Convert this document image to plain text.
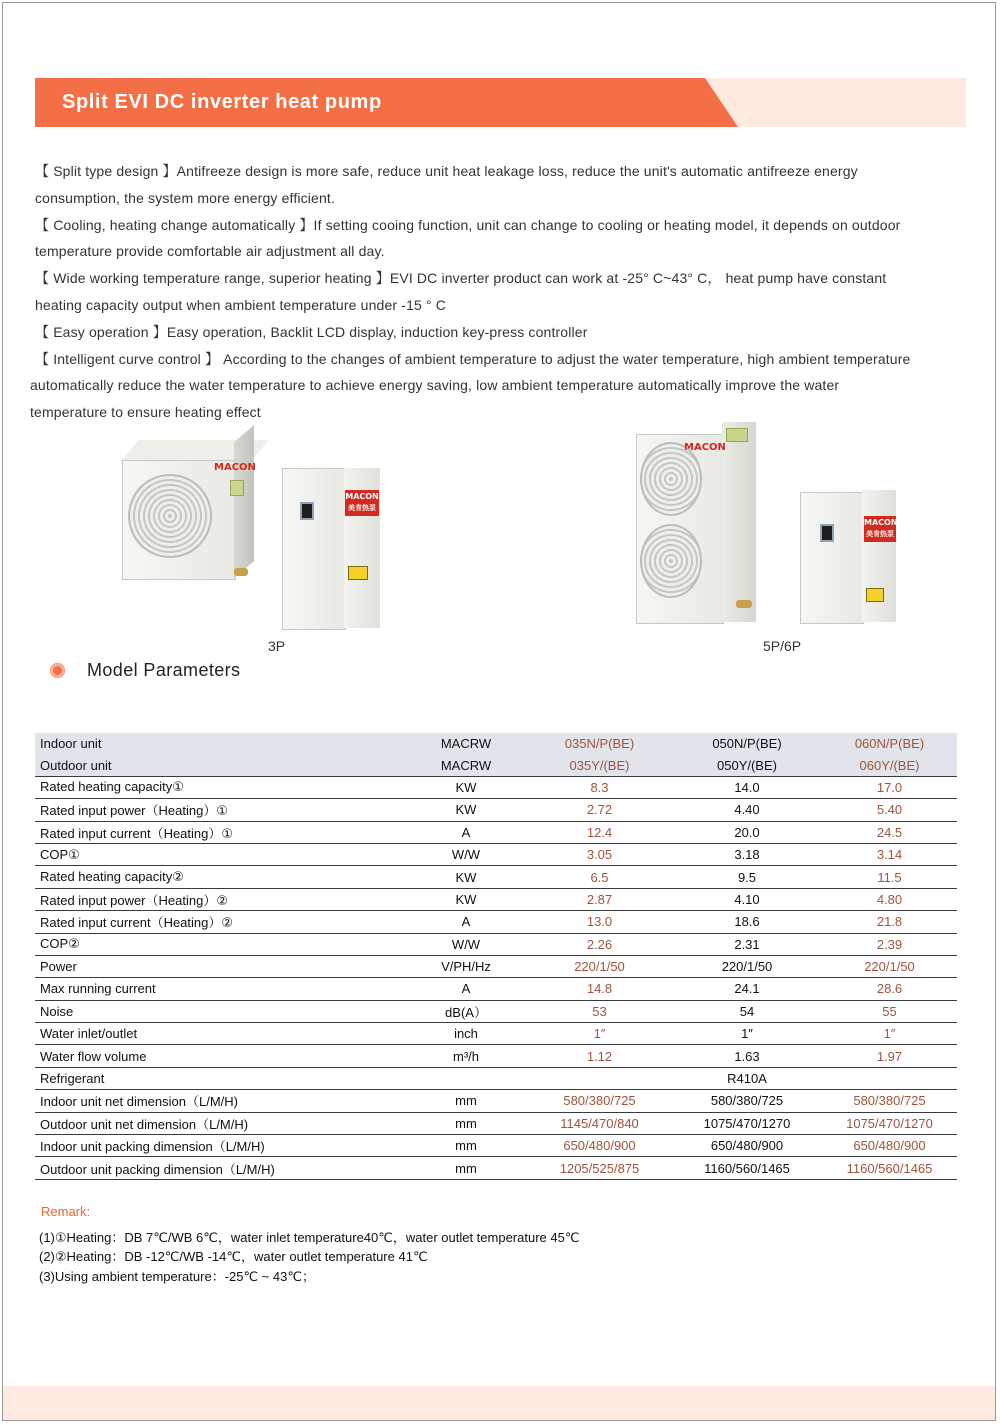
Split EVI DC inverter heat pump

【 Split type design 】Antifreeze design is more safe, reduce unit heat leakage loss, reduce the unit's automatic antifreeze energy

consumption, the system more energy efficient.

【 Cooling, heating change automatically 】If setting cooing function, unit can change to cooling or heating model, it depends on outdoor

temperature provide comfortable air adjustment all day.

【 Wide working temperature range, superior heating 】EVI DC inverter product can work at -25° C~43° C， heat pump have constant

heating capacity output when ambient temperature under -15 ° C

【 Easy operation 】Easy operation, Backlit LCD display, induction key-press controller

【 Intelligent curve control 】 According to the changes of ambient temperature to adjust the water temperature, high ambient temperature

automatically reduce the water temperature to achieve energy saving, low ambient temperature automatically improve the water

temperature to ensure heating effect

MACON
MACON
美肯热泵
3P
MACON
MACON
美肯热泵
5P/6P
Model Parameters
Indoor unit	MACRW	035N/P(BE)	050N/P(BE)	060N/P(BE)
Outdoor unit	MACRW	035Y/(BE)	050Y/(BE)	060Y/(BE)
Rated heating capacity①	KW	8.3	14.0	17.0
Rated input power（Heating）①	KW	2.72	4.40	5.40
Rated input current（Heating）①	A	12.4	20.0	24.5
COP①	W/W	3.05	3.18	3.14
Rated heating capacity②	KW	6.5	9.5	11.5
Rated input power（Heating）②	KW	2.87	4.10	4.80
Rated input current（Heating）②	A	13.0	18.6	21.8
COP②	W/W	2.26	2.31	2.39
Power	V/PH/Hz	220/1/50	220/1/50	220/1/50
Max running current	A	14.8	24.1	28.6
Noise	dB(A）	53	54	55
Water inlet/outlet	inch	1″	1″	1″
Water flow volume	m³/h	1.12	1.63	1.97
Refrigerant			R410A	
Indoor unit net dimension（L/M/H)	mm	580/380/725	580/380/725	580/380/725
Outdoor unit net dimension（L/M/H)	mm	1145/470/840	1075/470/1270	1075/470/1270
Indoor unit packing dimension（L/M/H)	mm	650/480/900	650/480/900	650/480/900
Outdoor unit packing dimension（L/M/H)	mm	1205/525/875	1160/560/1465	1160/560/1465
Remark:
(1)①Heating：DB 7℃/WB 6℃，water inlet temperature40℃，water outlet temperature 45℃
(2)②Heating：DB -12℃/WB -14℃，water outlet temperature 41℃
(3)Using ambient temperature：-25℃ ~ 43℃；
